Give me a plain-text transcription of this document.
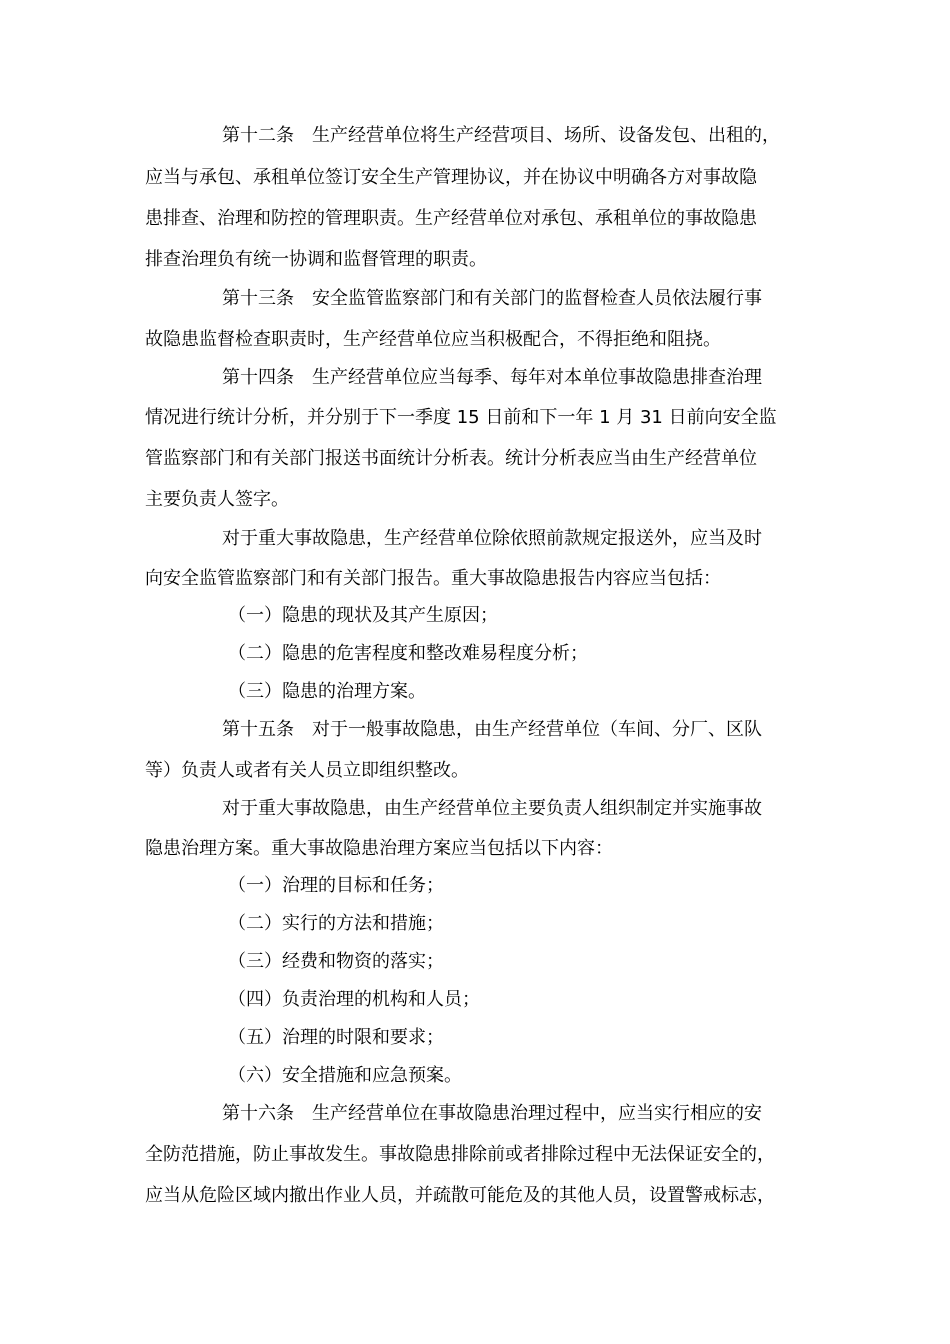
第十二条　生产经营单位将生产经营项目、场所、设备发包、出租的，
应当与承包、承租单位签订安全生产管理协议，并在协议中明确各方对事故隐
患排查、治理和防控的管理职责。生产经营单位对承包、承租单位的事故隐患
排查治理负有统一协调和监督管理的职责。
第十三条　安全监管监察部门和有关部门的监督检查人员依法履行事
故隐患监督检查职责时，生产经营单位应当积极配合，不得拒绝和阻挠。
第十四条　生产经营单位应当每季、每年对本单位事故隐患排查治理
情况进行统计分析，并分别于下一季度 15 日前和下一年 1 月 31 日前向安全监
管监察部门和有关部门报送书面统计分析表。统计分析表应当由生产经营单位
主要负责人签字。
对于重大事故隐患，生产经营单位除依照前款规定报送外，应当及时
向安全监管监察部门和有关部门报告。重大事故隐患报告内容应当包括：
（一）隐患的现状及其产生原因；
（二）隐患的危害程度和整改难易程度分析；
（三）隐患的治理方案。
第十五条　对于一般事故隐患，由生产经营单位（车间、分厂、区队
等）负责人或者有关人员立即组织整改。
对于重大事故隐患，由生产经营单位主要负责人组织制定并实施事故
隐患治理方案。重大事故隐患治理方案应当包括以下内容：
（一）治理的目标和任务；
（二）实行的方法和措施；
（三）经费和物资的落实；
（四）负责治理的机构和人员；
（五）治理的时限和要求；
（六）安全措施和应急预案。
第十六条　生产经营单位在事故隐患治理过程中，应当实行相应的安
全防范措施，防止事故发生。事故隐患排除前或者排除过程中无法保证安全的，
应当从危险区域内撤出作业人员，并疏散可能危及的其他人员，设置警戒标志，
